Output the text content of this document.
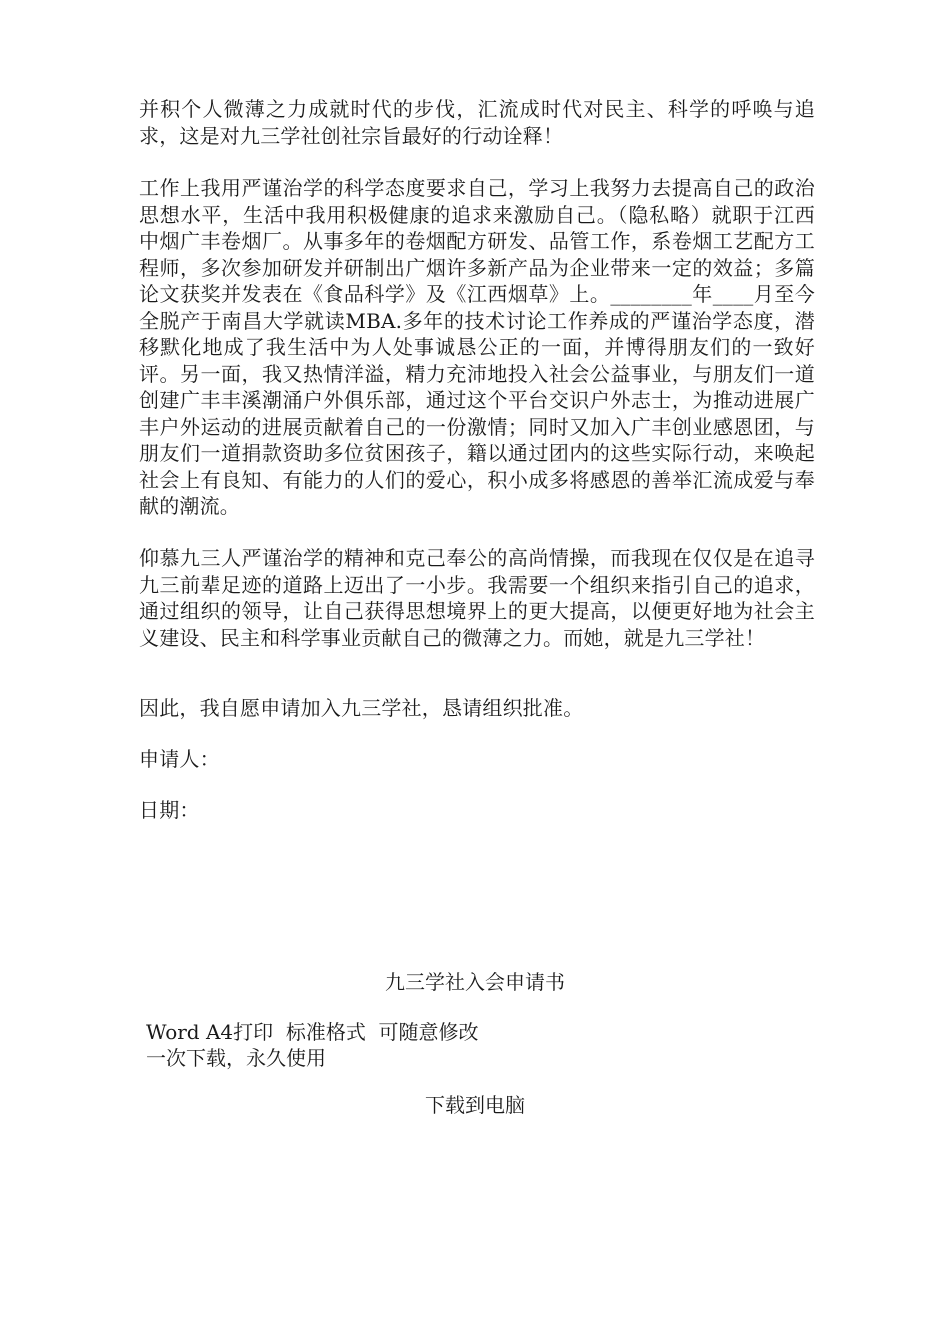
并积个人微薄之力成就时代的步伐，汇流成时代对民主、科学的呼唤与追求，这是对九三学社创社宗旨最好的行动诠释！

工作上我用严谨治学的科学态度要求自己，学习上我努力去提高自己的政治思想水平，生活中我用积极健康的追求来激励自己。（隐私略）就职于江西中烟广丰卷烟厂。从事多年的卷烟配方研发、品管工作，系卷烟工艺配方工程师，多次参加研发并研制出广烟许多新产品为企业带来一定的效益；多篇论文获奖并发表在《食品科学》及《江西烟草》上。________年____月至今全脱产于南昌大学就读MBA.多年的技术讨论工作养成的严谨治学态度，潜移默化地成了我生活中为人处事诚恳公正的一面，并博得朋友们的一致好评。另一面，我又热情洋溢，精力充沛地投入社会公益事业，与朋友们一道创建广丰丰溪潮涌户外俱乐部，通过这个平台交识户外志士，为推动进展广丰户外运动的进展贡献着自己的一份激情；同时又加入广丰创业感恩团，与朋友们一道捐款资助多位贫困孩子，籍以通过团内的这些实际行动，来唤起社会上有良知、有能力的人们的爱心，积小成多将感恩的善举汇流成爱与奉献的潮流。

仰慕九三人严谨治学的精神和克己奉公的高尚情操，而我现在仅仅是在追寻九三前辈足迹的道路上迈出了一小步。我需要一个组织来指引自己的追求，通过组织的领导，让自己获得思想境界上的更大提高，以便更好地为社会主义建设、民主和科学事业贡献自己的微薄之力。而她，就是九三学社！

因此，我自愿申请加入九三学社，恳请组织批准。

申请人：

日期：

九三学社入会申请书

Word A4打印  标准格式  可随意修改

一次下载，永久使用

下载到电脑
